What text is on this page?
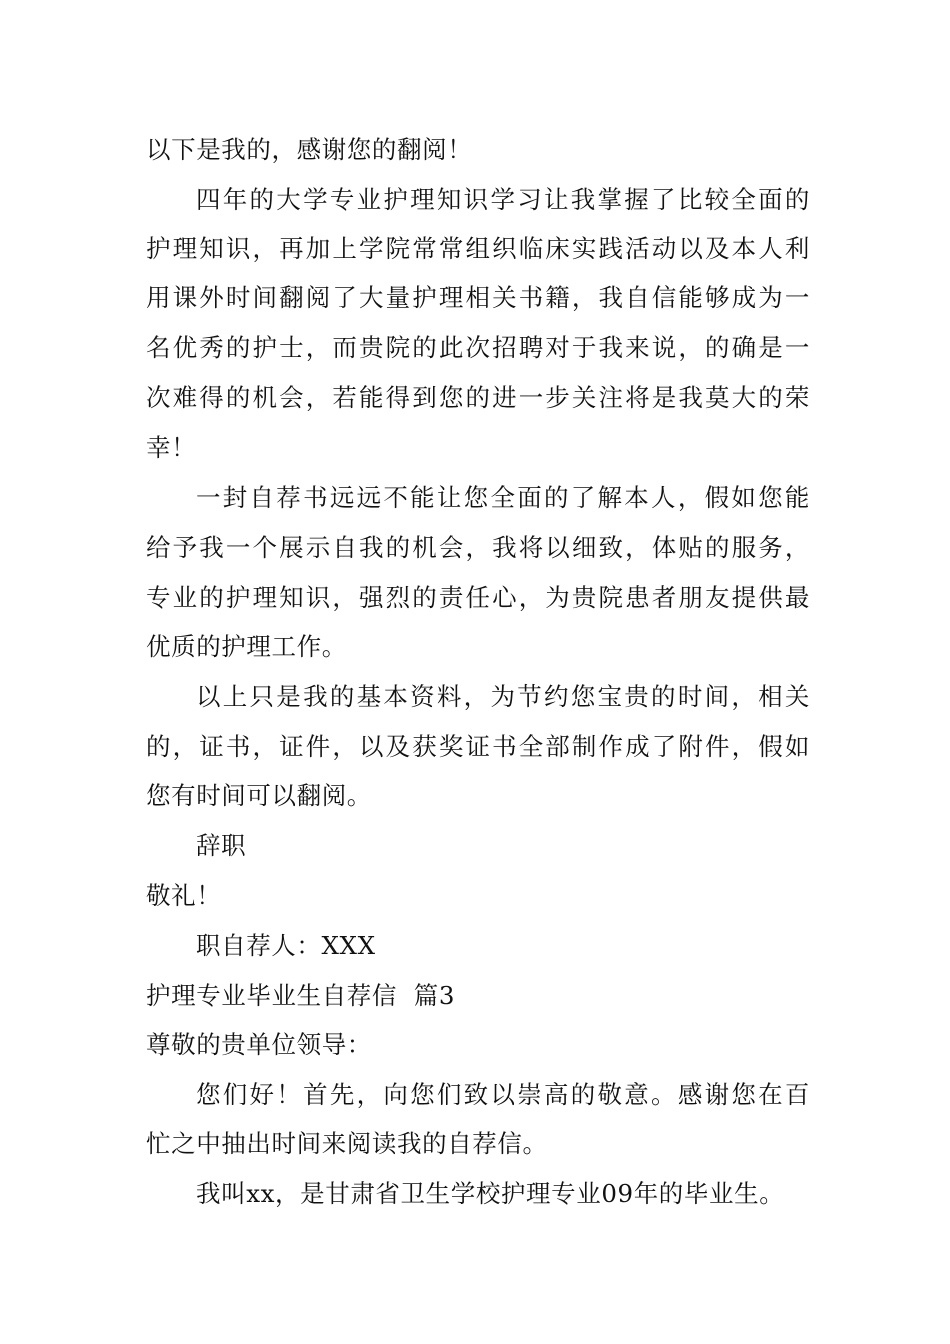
以下是我的，感谢您的翻阅！
四年的大学专业护理知识学习让我掌握了比较全面的
护理知识，再加上学院常常组织临床实践活动以及本人利
用课外时间翻阅了大量护理相关书籍，我自信能够成为一
名优秀的护士，而贵院的此次招聘对于我来说，的确是一
次难得的机会，若能得到您的进一步关注将是我莫大的荣
幸！
一封自荐书远远不能让您全面的了解本人，假如您能
给予我一个展示自我的机会，我将以细致，体贴的服务，
专业的护理知识，强烈的责任心，为贵院患者朋友提供最
优质的护理工作。
以上只是我的基本资料，为节约您宝贵的时间，相关
的，证书，证件，以及获奖证书全部制作成了附件，假如
您有时间可以翻阅。
辞职
敬礼！
职自荐人：XXX
护理专业毕业生自荐信  篇3
尊敬的贵单位领导：
您们好！首先，向您们致以崇高的敬意。感谢您在百
忙之中抽出时间来阅读我的自荐信。
我叫xx，是甘肃省卫生学校护理专业09年的毕业生。
